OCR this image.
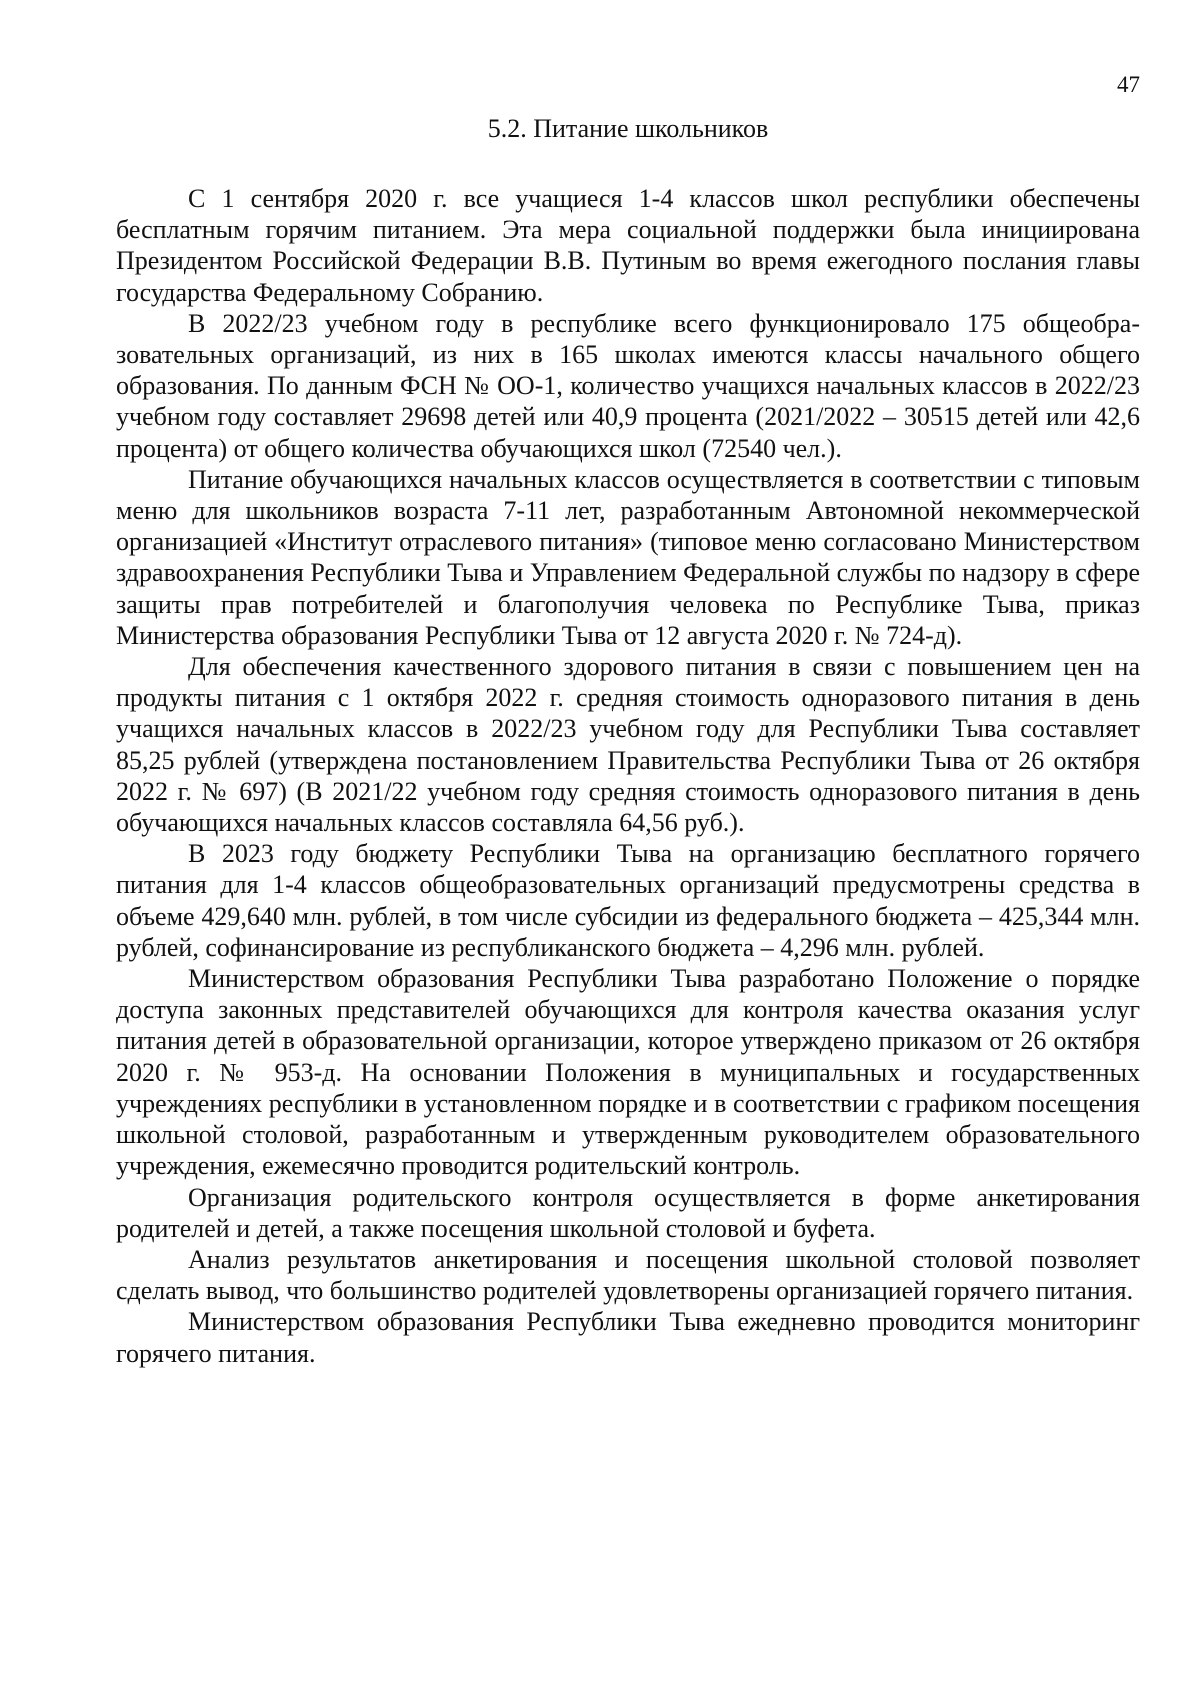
47
5.2. Питание школьников

С 1 сентября 2020 г. все учащиеся 1-4 классов школ республики обеспечены бесплатным горячим питанием. Эта мера социальной поддержки была инициирована Президентом Российской Федерации В.В. Путиным во время ежегодного послания главы государства Федеральному Собранию.

В 2022/23 учебном году в республике всего функционировало 175 общеобразовательных организаций, из них в 165 школах имеются классы начального общего образования. По данным ФСН № ОО-1, количество учащихся начальных классов в 2022/23 учебном году составляет 29698 детей или 40,9 процента (2021/2022 – 30515 детей или 42,6 процента) от общего количества обучающихся школ (72540 чел.).

Питание обучающихся начальных классов осуществляется в соответствии с типовым меню для школьников возраста 7-11 лет, разработанным Автономной некоммерческой организацией «Институт отраслевого питания» (типовое меню согласовано Министерством здравоохранения Республики Тыва и Управлением Федеральной службы по надзору в сфере защиты прав потребителей и благополучия человека по Республике Тыва, приказ Министерства образования Республики Тыва от 12 августа 2020 г. № 724-д).

Для обеспечения качественного здорового питания в связи с повышением цен на продукты питания с 1 октября 2022 г. средняя стоимость одноразового питания в день учащихся начальных классов в 2022/23 учебном году для Республики Тыва составляет 85,25 рублей (утверждена постановлением Правительства Республики Тыва от 26 октября 2022 г. № 697) (В 2021/22 учебном году средняя стоимость одноразового питания в день обучающихся начальных классов составляла 64,56 руб.).

В 2023 году бюджету Республики Тыва на организацию бесплатного горячего питания для 1-4 классов общеобразовательных организаций предусмотрены средства в объеме 429,640 млн. рублей, в том числе субсидии из федерального бюджета – 425,344 млн. рублей, софинансирование из республиканского бюджета – 4,296 млн. рублей.

Министерством образования Республики Тыва разработано Положение о порядке доступа законных представителей обучающихся для контроля качества оказания услуг питания детей в образовательной организации, которое утверждено приказом от 26 октября 2020 г. № 953-д. На основании Положения в муниципальных и государственных учреждениях республики в установленном порядке и в соответствии с графиком посещения школьной столовой, разработанным и утвержденным руководителем образовательного учреждения, ежемесячно проводится родительский контроль.

Организация родительского контроля осуществляется в форме анкетирования родителей и детей, а также посещения школьной столовой и буфета.

Анализ результатов анкетирования и посещения школьной столовой позволяет сделать вывод, что большинство родителей удовлетворены организацией горячего питания.

Министерством образования Республики Тыва ежедневно проводится мониторинг горячего питания.
